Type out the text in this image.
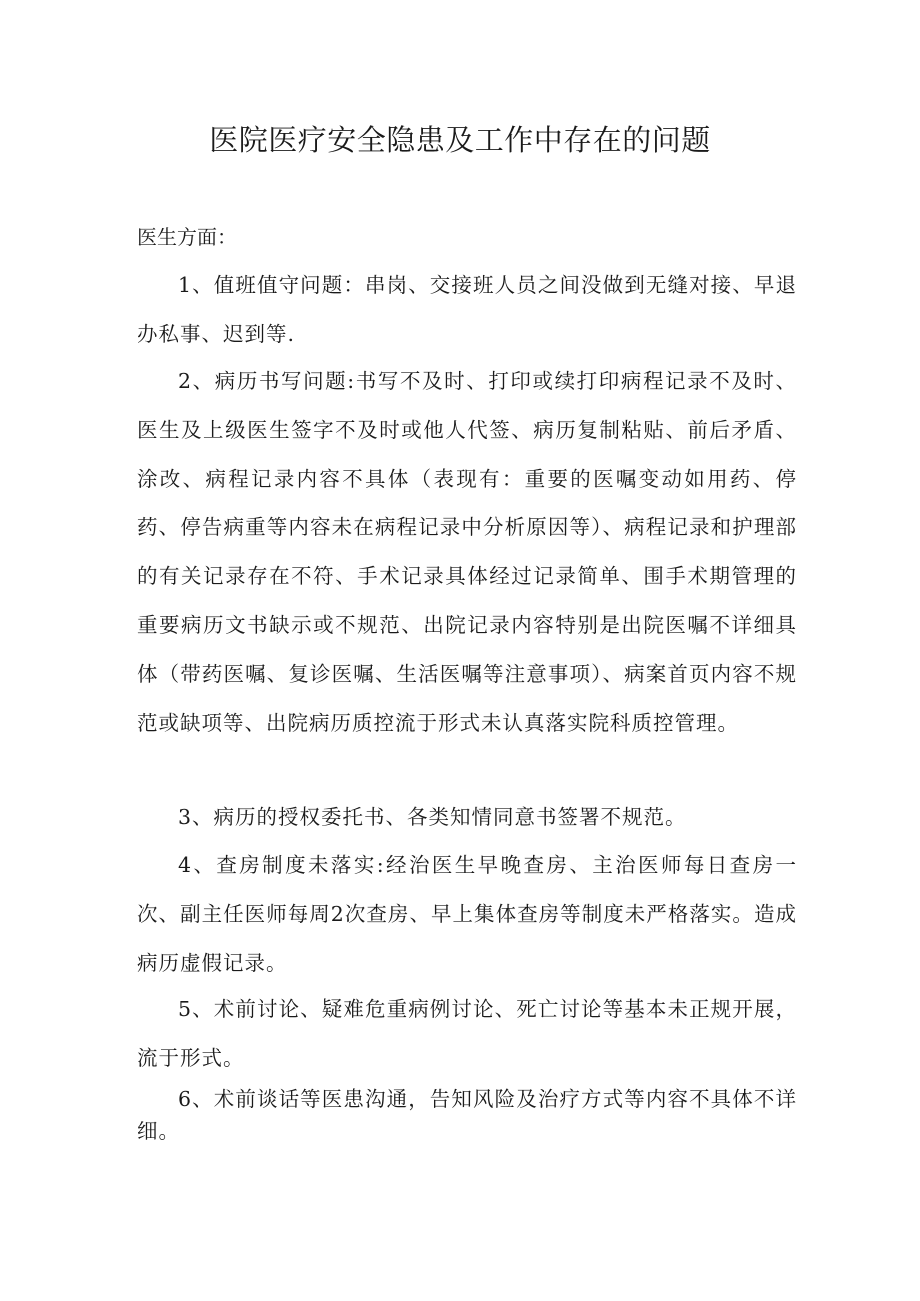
医院医疗安全隐患及工作中存在的问题
医生方面：

1、值班值守问题：串岗、交接班人员之间没做到无缝对接、早退办私事、迟到等.

2、病历书写问题:书写不及时、打印或续打印病程记录不及时、医生及上级医生签字不及时或他人代签、病历复制粘贴、前后矛盾、涂改、病程记录内容不具体（表现有：重要的医嘱变动如用药、停药、停告病重等内容未在病程记录中分析原因等）、病程记录和护理部的有关记录存在不符、手术记录具体经过记录简单、围手术期管理的重要病历文书缺示或不规范、出院记录内容特别是出院医嘱不详细具体（带药医嘱、复诊医嘱、生活医嘱等注意事项）、病案首页内容不规范或缺项等、出院病历质控流于形式未认真落实院科质控管理。

3、病历的授权委托书、各类知情同意书签署不规范。

4、查房制度未落实:经治医生早晚查房、主治医师每日查房一次、副主任医师每周2次查房、早上集体查房等制度未严格落实。造成病历虚假记录。

5、术前讨论、疑难危重病例讨论、死亡讨论等基本未正规开展，流于形式。

6、术前谈话等医患沟通，告知风险及治疗方式等内容不具体不详细。
